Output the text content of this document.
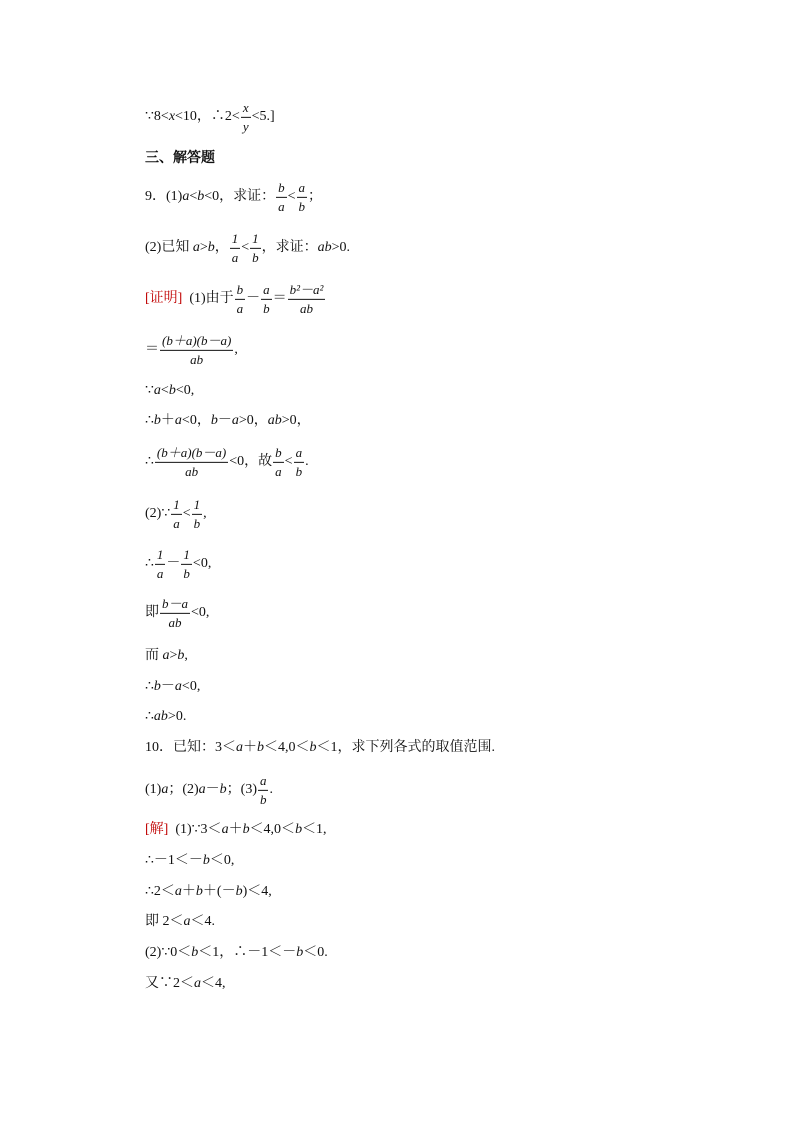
∵8< x <10，∴2< $\frac{x}{y} <5$.]
三、解答题
9．(1) a < b <0，求证： $\frac{b}{a} < \frac{a}{b}$ ；
(2)已知 a > b ， $\frac{1}{a} < \frac{1}{b}$ ，求证： ab >0.
[证明] (1)由于 $\frac{b}{a} - \frac{a}{b} = \frac{\text{b²－a²}}{ab}$
＝ $\frac{(b+a)(b-a)}{ab}$ ,
∵ a < b <0,
∴ b ＋ a <0， b － a >0， ab >0，
∴ $\frac{(b+a)(b-a)}{ab} <0$，故 $\frac{b}{a} < \frac{a}{b}$ .
(2)∵ $\frac{1}{a} < \frac{1}{b}$ ,
∴ $\frac{1}{a} - \frac{1}{b} <0$,
即 $\frac{b-a}{ab} <0$,
而 a > b ,
∴ b － a <0,
∴ ab >0.
10．已知：3＜ a ＋ b ＜4,0＜ b ＜1，求下列各式的取值范围.
(1) a ；(2) a － b ；$(3) \frac{a}{b}$ .
[解] (1)∵3＜ a ＋ b ＜4,0＜ b ＜1,
∴－1＜－ b ＜0,
∴2＜ a ＋ b ＋(－ b )＜4,
即 2＜ a ＜4.
(2)∵0＜ b ＜1，∴－1＜－ b ＜0.
又∵2＜ a ＜4,
